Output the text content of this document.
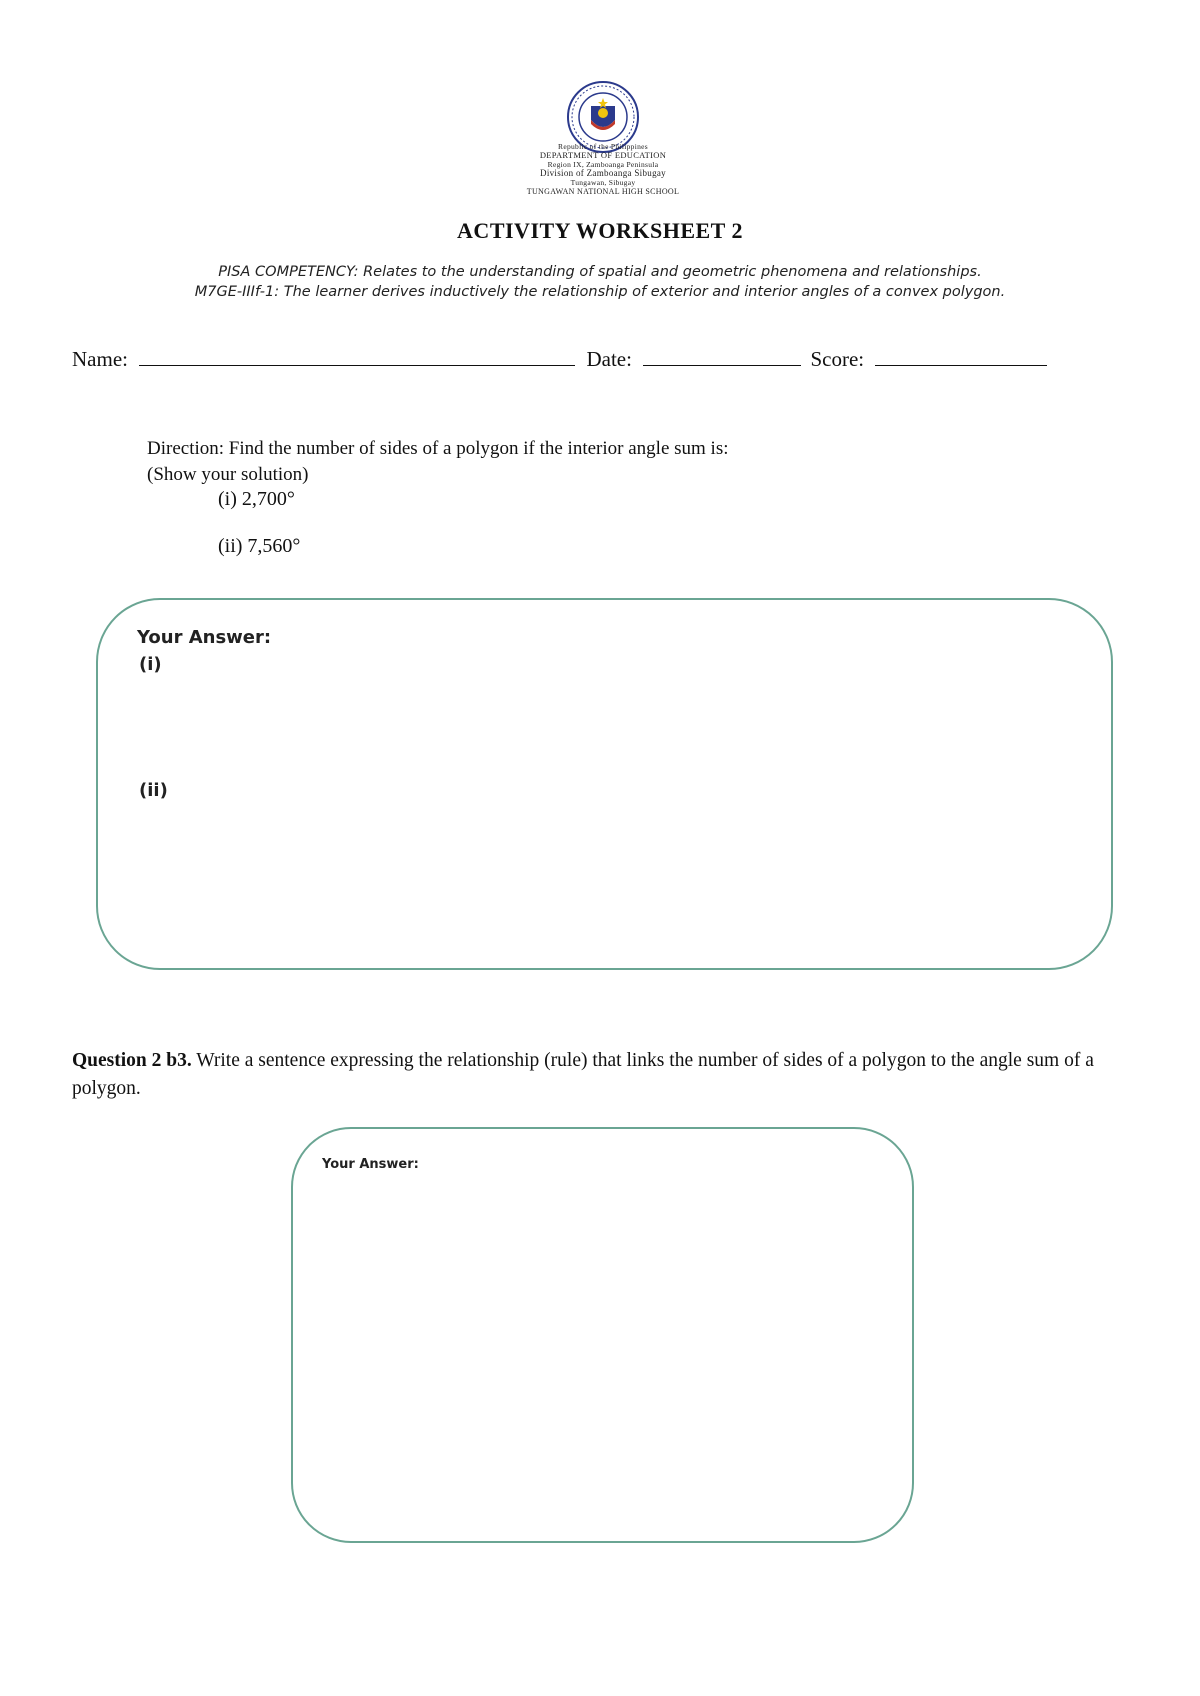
Republic of the Philippines
DEPARTMENT OF EDUCATION
Region IX, Zamboanga Peninsula
Division of Zamboanga Sibugay
Tungawan, Sibugay
TUNGAWAN NATIONAL HIGH SCHOOL
ACTIVITY WORKSHEET 2
PISA COMPETENCY: Relates to the understanding of spatial and geometric phenomena and relationships.
M7GE-IIIf-1: The learner derives inductively the relationship of exterior and interior angles of a convex polygon.
Name:	Date:	Score:
Direction: Find the number of sides of a polygon if the interior angle sum is:
(Show your solution)
(i) 2,700°
(ii) 7,560°
Your Answer:
(i)
(ii)
Question 2 b3. Write a sentence expressing the relationship (rule) that links the number of sides of a polygon to the angle sum of a polygon.
Your Answer:
